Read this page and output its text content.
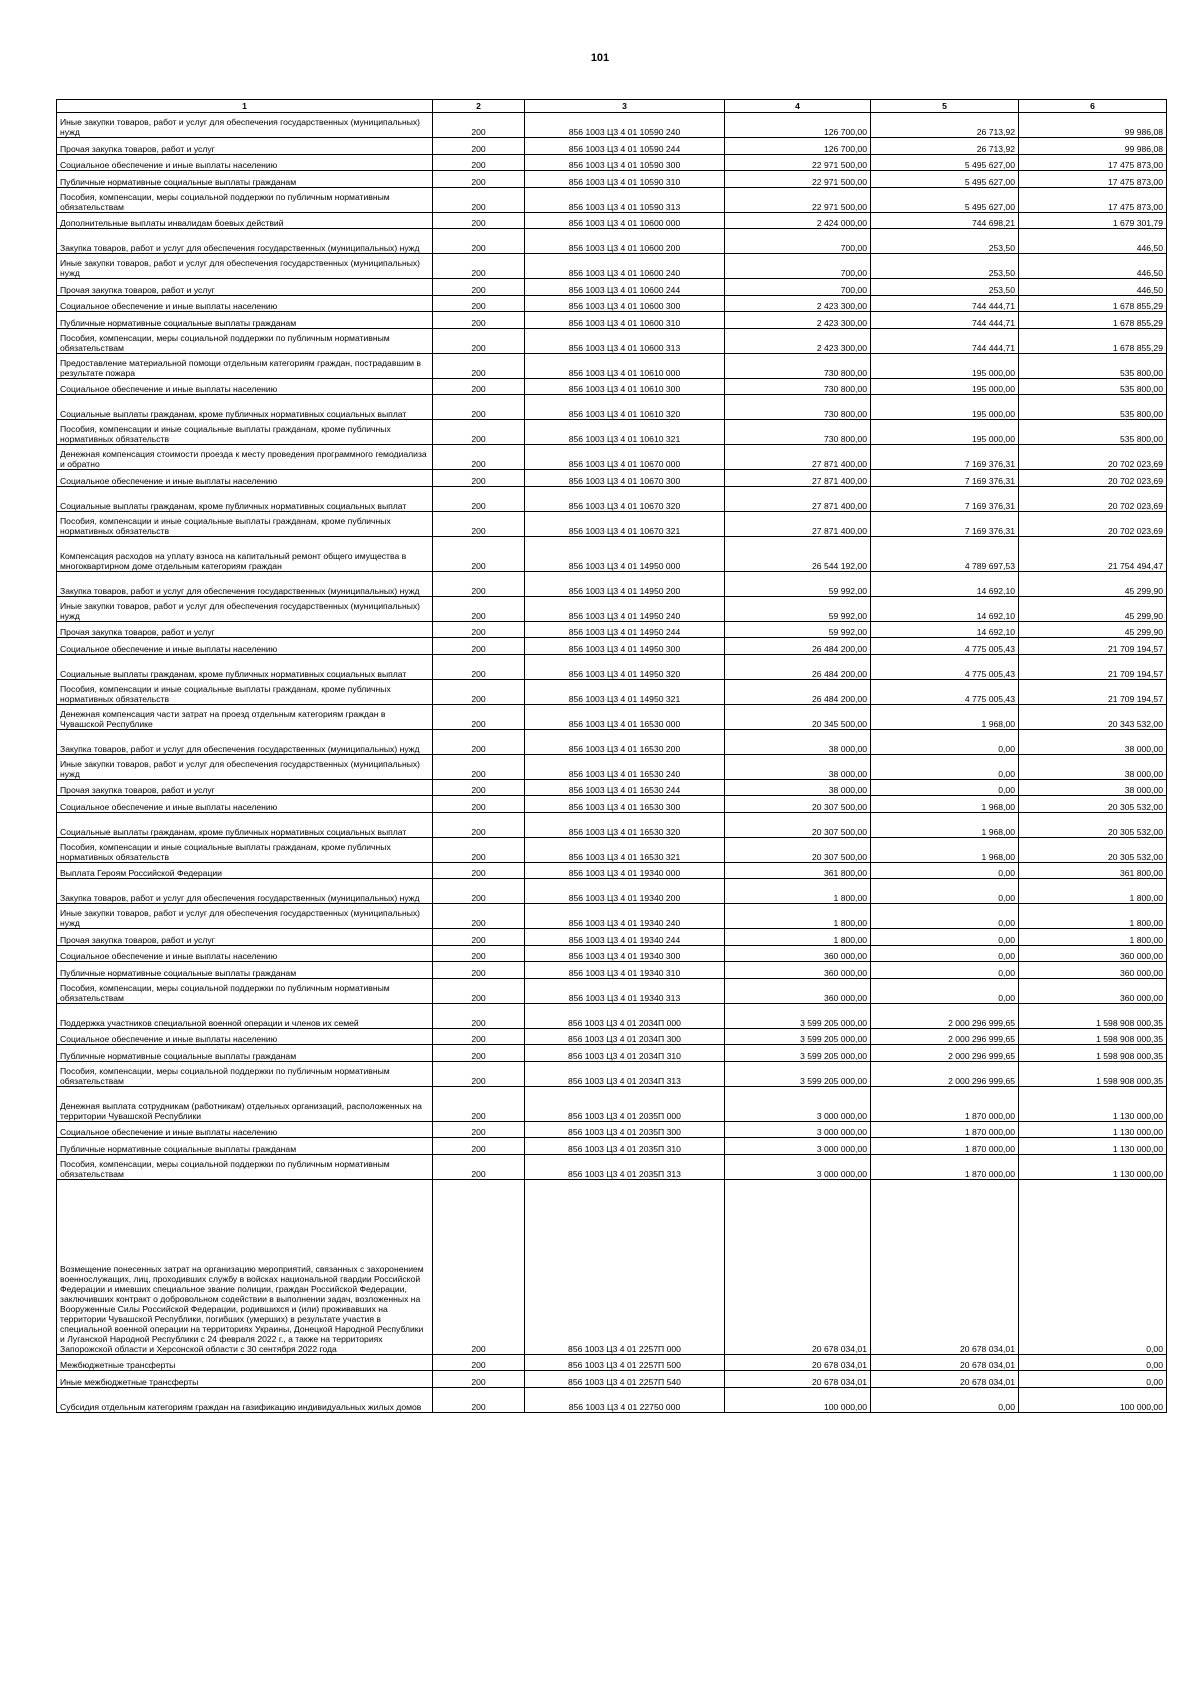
101
1	2	3	4	5	6
Иные закупки товаров, работ и услуг для обеспечения государственных (муниципальных) нужд	200	856 1003 Ц3 4 01 10590 240	126 700,00	26 713,92	99 986,08
Прочая закупка товаров, работ и услуг	200	856 1003 Ц3 4 01 10590 244	126 700,00	26 713,92	99 986,08
Социальное обеспечение и иные выплаты населению	200	856 1003 Ц3 4 01 10590 300	22 971 500,00	5 495 627,00	17 475 873,00
Публичные нормативные социальные выплаты гражданам	200	856 1003 Ц3 4 01 10590 310	22 971 500,00	5 495 627,00	17 475 873,00
Пособия, компенсации, меры социальной поддержки по публичным нормативным обязательствам	200	856 1003 Ц3 4 01 10590 313	22 971 500,00	5 495 627,00	17 475 873,00
Дополнительные выплаты инвалидам боевых действий	200	856 1003 Ц3 4 01 10600 000	2 424 000,00	744 698,21	1 679 301,79
Закупка товаров, работ и услуг для обеспечения государственных (муниципальных) нужд	200	856 1003 Ц3 4 01 10600 200	700,00	253,50	446,50
Иные закупки товаров, работ и услуг для обеспечения государственных (муниципальных) нужд	200	856 1003 Ц3 4 01 10600 240	700,00	253,50	446,50
Прочая закупка товаров, работ и услуг	200	856 1003 Ц3 4 01 10600 244	700,00	253,50	446,50
Социальное обеспечение и иные выплаты населению	200	856 1003 Ц3 4 01 10600 300	2 423 300,00	744 444,71	1 678 855,29
Публичные нормативные социальные выплаты гражданам	200	856 1003 Ц3 4 01 10600 310	2 423 300,00	744 444,71	1 678 855,29
Пособия, компенсации, меры социальной поддержки по публичным нормативным обязательствам	200	856 1003 Ц3 4 01 10600 313	2 423 300,00	744 444,71	1 678 855,29
Предоставление материальной помощи отдельным категориям граждан, пострадавшим в результате пожара	200	856 1003 Ц3 4 01 10610 000	730 800,00	195 000,00	535 800,00
Социальное обеспечение и иные выплаты населению	200	856 1003 Ц3 4 01 10610 300	730 800,00	195 000,00	535 800,00
Социальные выплаты гражданам, кроме публичных нормативных социальных выплат	200	856 1003 Ц3 4 01 10610 320	730 800,00	195 000,00	535 800,00
Пособия, компенсации и иные социальные выплаты гражданам, кроме публичных нормативных обязательств	200	856 1003 Ц3 4 01 10610 321	730 800,00	195 000,00	535 800,00
Денежная компенсация стоимости проезда к месту проведения программного гемодиализа и обратно	200	856 1003 Ц3 4 01 10670 000	27 871 400,00	7 169 376,31	20 702 023,69
Социальное обеспечение и иные выплаты населению	200	856 1003 Ц3 4 01 10670 300	27 871 400,00	7 169 376,31	20 702 023,69
Социальные выплаты гражданам, кроме публичных нормативных социальных выплат	200	856 1003 Ц3 4 01 10670 320	27 871 400,00	7 169 376,31	20 702 023,69
Пособия, компенсации и иные социальные выплаты гражданам, кроме публичных нормативных обязательств	200	856 1003 Ц3 4 01 10670 321	27 871 400,00	7 169 376,31	20 702 023,69
Компенсация расходов на уплату взноса на капитальный ремонт общего имущества в многоквартирном доме отдельным категориям граждан	200	856 1003 Ц3 4 01 14950 000	26 544 192,00	4 789 697,53	21 754 494,47
Закупка товаров, работ и услуг для обеспечения государственных (муниципальных) нужд	200	856 1003 Ц3 4 01 14950 200	59 992,00	14 692,10	45 299,90
Иные закупки товаров, работ и услуг для обеспечения государственных (муниципальных) нужд	200	856 1003 Ц3 4 01 14950 240	59 992,00	14 692,10	45 299,90
Прочая закупка товаров, работ и услуг	200	856 1003 Ц3 4 01 14950 244	59 992,00	14 692,10	45 299,90
Социальное обеспечение и иные выплаты населению	200	856 1003 Ц3 4 01 14950 300	26 484 200,00	4 775 005,43	21 709 194,57
Социальные выплаты гражданам, кроме публичных нормативных социальных выплат	200	856 1003 Ц3 4 01 14950 320	26 484 200,00	4 775 005,43	21 709 194,57
Пособия, компенсации и иные социальные выплаты гражданам, кроме публичных нормативных обязательств	200	856 1003 Ц3 4 01 14950 321	26 484 200,00	4 775 005,43	21 709 194,57
Денежная компенсация части затрат на проезд отдельным категориям граждан в Чувашской Республике	200	856 1003 Ц3 4 01 16530 000	20 345 500,00	1 968,00	20 343 532,00
Закупка товаров, работ и услуг для обеспечения государственных (муниципальных) нужд	200	856 1003 Ц3 4 01 16530 200	38 000,00	0,00	38 000,00
Иные закупки товаров, работ и услуг для обеспечения государственных (муниципальных) нужд	200	856 1003 Ц3 4 01 16530 240	38 000,00	0,00	38 000,00
Прочая закупка товаров, работ и услуг	200	856 1003 Ц3 4 01 16530 244	38 000,00	0,00	38 000,00
Социальное обеспечение и иные выплаты населению	200	856 1003 Ц3 4 01 16530 300	20 307 500,00	1 968,00	20 305 532,00
Социальные выплаты гражданам, кроме публичных нормативных социальных выплат	200	856 1003 Ц3 4 01 16530 320	20 307 500,00	1 968,00	20 305 532,00
Пособия, компенсации и иные социальные выплаты гражданам, кроме публичных нормативных обязательств	200	856 1003 Ц3 4 01 16530 321	20 307 500,00	1 968,00	20 305 532,00
Выплата Героям Российской Федерации	200	856 1003 Ц3 4 01 19340 000	361 800,00	0,00	361 800,00
Закупка товаров, работ и услуг для обеспечения государственных (муниципальных) нужд	200	856 1003 Ц3 4 01 19340 200	1 800,00	0,00	1 800,00
Иные закупки товаров, работ и услуг для обеспечения государственных (муниципальных) нужд	200	856 1003 Ц3 4 01 19340 240	1 800,00	0,00	1 800,00
Прочая закупка товаров, работ и услуг	200	856 1003 Ц3 4 01 19340 244	1 800,00	0,00	1 800,00
Социальное обеспечение и иные выплаты населению	200	856 1003 Ц3 4 01 19340 300	360 000,00	0,00	360 000,00
Публичные нормативные социальные выплаты гражданам	200	856 1003 Ц3 4 01 19340 310	360 000,00	0,00	360 000,00
Пособия, компенсации, меры социальной поддержки по публичным нормативным обязательствам	200	856 1003 Ц3 4 01 19340 313	360 000,00	0,00	360 000,00
Поддержка участников специальной военной операции и членов их семей	200	856 1003 Ц3 4 01 2034П 000	3 599 205 000,00	2 000 296 999,65	1 598 908 000,35
Социальное обеспечение и иные выплаты населению	200	856 1003 Ц3 4 01 2034П 300	3 599 205 000,00	2 000 296 999,65	1 598 908 000,35
Публичные нормативные социальные выплаты гражданам	200	856 1003 Ц3 4 01 2034П 310	3 599 205 000,00	2 000 296 999,65	1 598 908 000,35
Пособия, компенсации, меры социальной поддержки по публичным нормативным обязательствам	200	856 1003 Ц3 4 01 2034П 313	3 599 205 000,00	2 000 296 999,65	1 598 908 000,35
Денежная выплата сотрудникам (работникам) отдельных организаций, расположенных на территории Чувашской Республики	200	856 1003 Ц3 4 01 2035П 000	3 000 000,00	1 870 000,00	1 130 000,00
Социальное обеспечение и иные выплаты населению	200	856 1003 Ц3 4 01 2035П 300	3 000 000,00	1 870 000,00	1 130 000,00
Публичные нормативные социальные выплаты гражданам	200	856 1003 Ц3 4 01 2035П 310	3 000 000,00	1 870 000,00	1 130 000,00
Пособия, компенсации, меры социальной поддержки по публичным нормативным обязательствам	200	856 1003 Ц3 4 01 2035П 313	3 000 000,00	1 870 000,00	1 130 000,00
Возмещение понесенных затрат на организацию мероприятий, связанных с захоронением военнослужащих, лиц, проходивших службу в войсках национальной гвардии Российской Федерации и имевших специальное звание полиции, граждан Российской Федерации, заключивших контракт о добровольном содействии в выполнении задач, возложенных на Вооруженные Силы Российской Федерации, родившихся и (или) проживавших на территории Чувашской Республики, погибших (умерших) в результате участия в специальной военной операции на территориях Украины, Донецкой Народной Республики и Луганской Народной Республики с 24 февраля 2022 г., а также на территориях Запорожской области и Херсонской области с 30 сентября 2022 года	200	856 1003 Ц3 4 01 2257П 000	20 678 034,01	20 678 034,01	0,00
Межбюджетные трансферты	200	856 1003 Ц3 4 01 2257П 500	20 678 034,01	20 678 034,01	0,00
Иные межбюджетные трансферты	200	856 1003 Ц3 4 01 2257П 540	20 678 034,01	20 678 034,01	0,00
Субсидия отдельным категориям граждан на газификацию индивидуальных жилых домов	200	856 1003 Ц3 4 01 22750 000	100 000,00	0,00	100 000,00
